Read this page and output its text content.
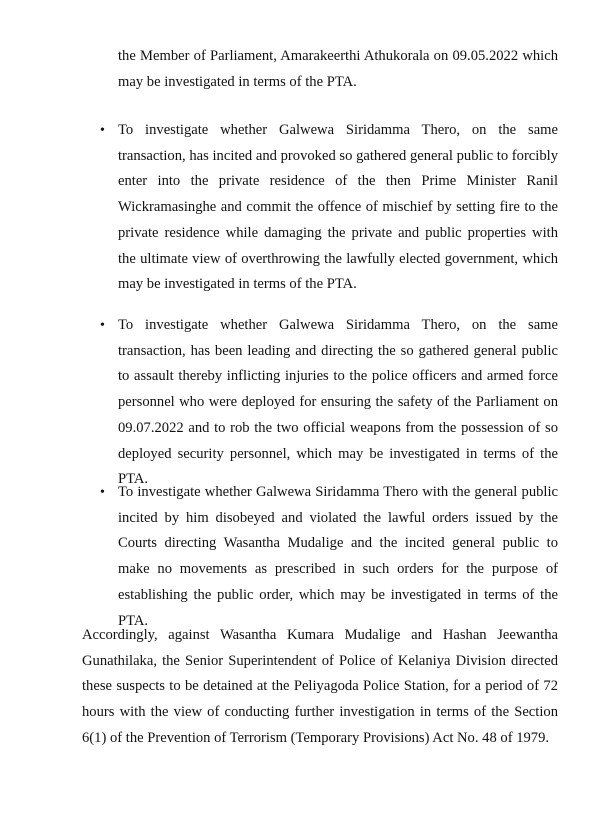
the Member of Parliament, Amarakeerthi Athukorala on 09.05.2022 which may be investigated in terms of the PTA.

• To investigate whether Galwewa Siridamma Thero, on the same transaction, has incited and provoked so gathered general public to forcibly enter into the private residence of the then Prime Minister Ranil Wickramasinghe and commit the offence of mischief by setting fire to the private residence while damaging the private and public properties with the ultimate view of overthrowing the lawfully elected government, which may be investigated in terms of the PTA.
• To investigate whether Galwewa Siridamma Thero, on the same transaction, has been leading and directing the so gathered general public to assault thereby inflicting injuries to the police officers and armed force personnel who were deployed for ensuring the safety of the Parliament on 09.07.2022 and to rob the two official weapons from the possession of so deployed security personnel, which may be investigated in terms of the PTA.
• To investigate whether Galwewa Siridamma Thero with the general public incited by him disobeyed and violated the lawful orders issued by the Courts directing Wasantha Mudalige and the incited general public to make no movements as prescribed in such orders for the purpose of establishing the public order, which may be investigated in terms of the PTA.

Accordingly, against Wasantha Kumara Mudalige and Hashan Jeewantha Gunathilaka, the Senior Superintendent of Police of Kelaniya Division directed these suspects to be detained at the Peliyagoda Police Station, for a period of 72 hours with the view of conducting further investigation in terms of the Section 6(1) of the Prevention of Terrorism (Temporary Provisions) Act No. 48 of 1979.
